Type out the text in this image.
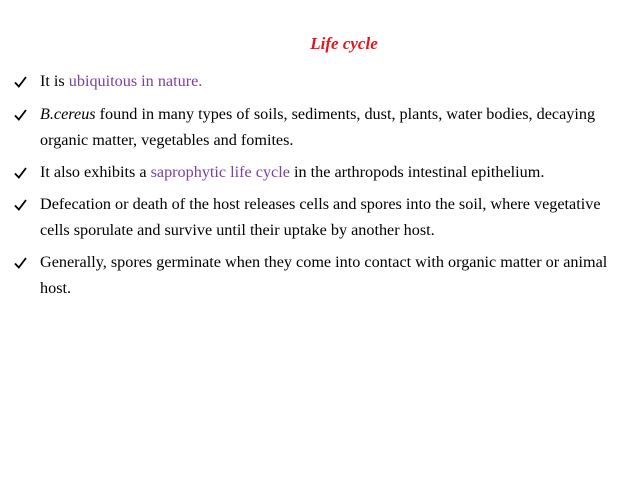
Life cycle
It is ubiquitous in nature.
B.cereus found in many types of soils, sediments, dust, plants, water bodies, decaying organic matter, vegetables and fomites.
It also exhibits a saprophytic life cycle in the arthropods intestinal epithelium.
Defecation or death of the host releases cells and spores into the soil, where vegetative cells sporulate and survive until their uptake by another host.
Generally, spores germinate when they come into contact with organic matter or animal host.
